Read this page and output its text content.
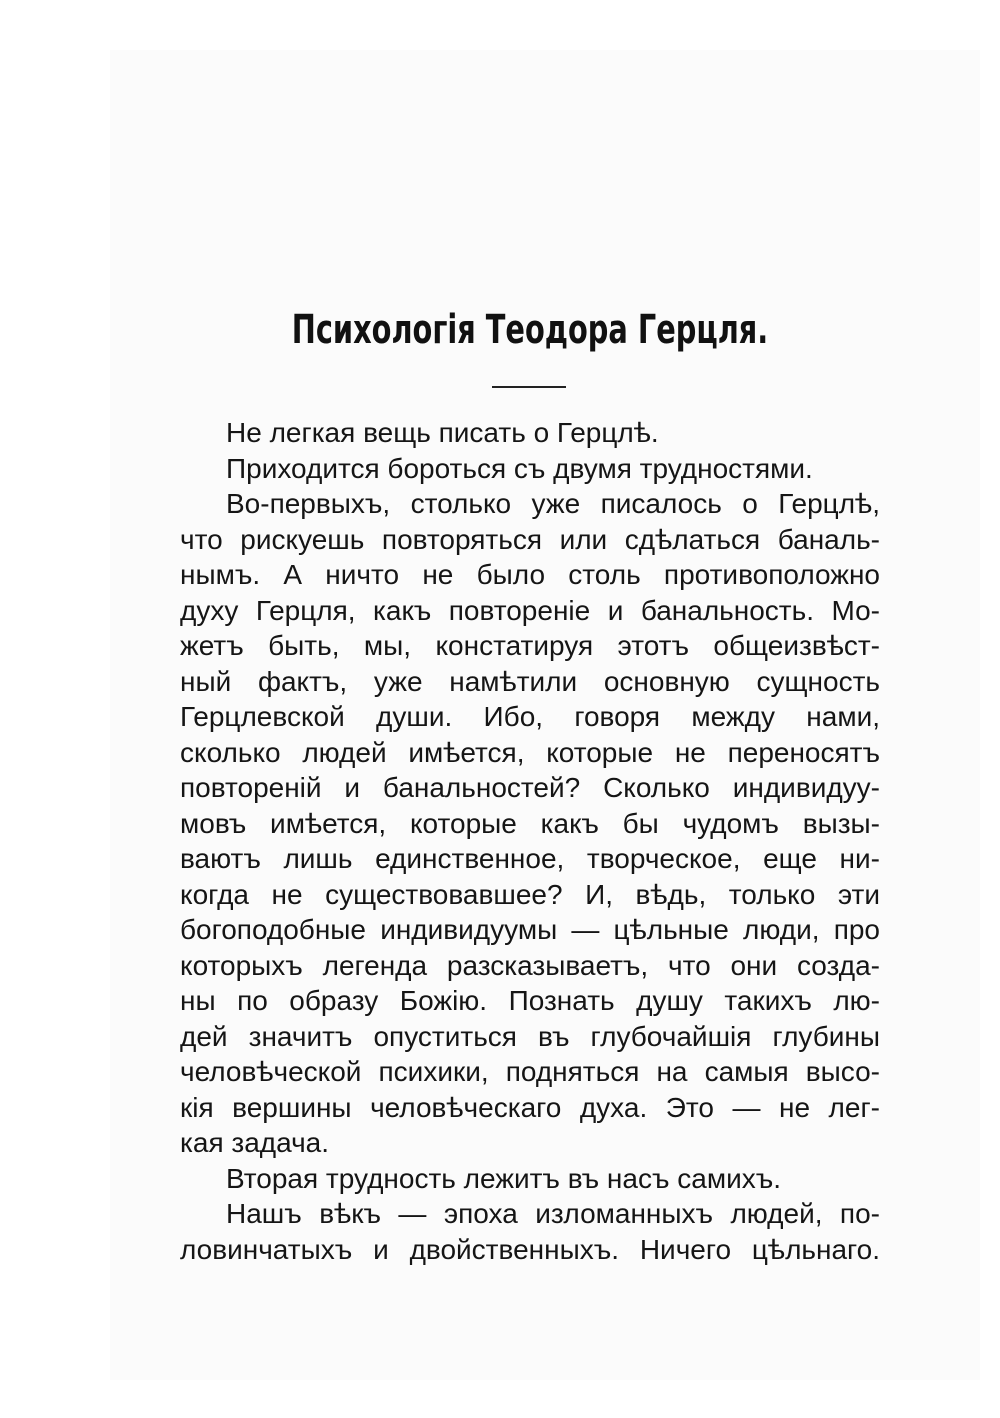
Психологiя Теодора Герцля.
Не легкая вещь писать о Герцлѣ.
Приходится бороться съ двумя трудностями.
Во-первыхъ, столько уже писалось о Герцлѣ,
что рискуешь повторяться или сдѣлаться баналь-
нымъ. А ничто не было столь противоположно
духу Герцля, какъ повторенiе и банальность. Мо-
жетъ быть, мы, констатируя этотъ общеизвѣст-
ный фактъ, уже намѣтили основную сущность
Герцлевской души. Ибо, говоря между нами,
сколько людей имѣется, которые не переносятъ
повторенiй и банальностей? Сколько индивидуу-
мовъ имѣется, которые какъ бы чудомъ вызы-
ваютъ лишь единственное, творческое, еще ни-
когда не существовавшее? И, вѣдь, только эти
богоподобные индивидуумы — цѣльные люди, про
которыхъ легенда разсказываетъ, что они созда-
ны по образу Божiю. Познать душу такихъ лю-
дей значитъ опуститься въ глубочайшiя глубины
человѣческой психики, подняться на самыя высо-
кiя вершины человѣческаго духа. Это — не лег-
кая задача.
Вторая трудность лежитъ въ насъ самихъ.
Нашъ вѣкъ — эпоха изломанныхъ людей, по-
ловинчатыхъ и двойственныхъ. Ничего цѣльнаго.
